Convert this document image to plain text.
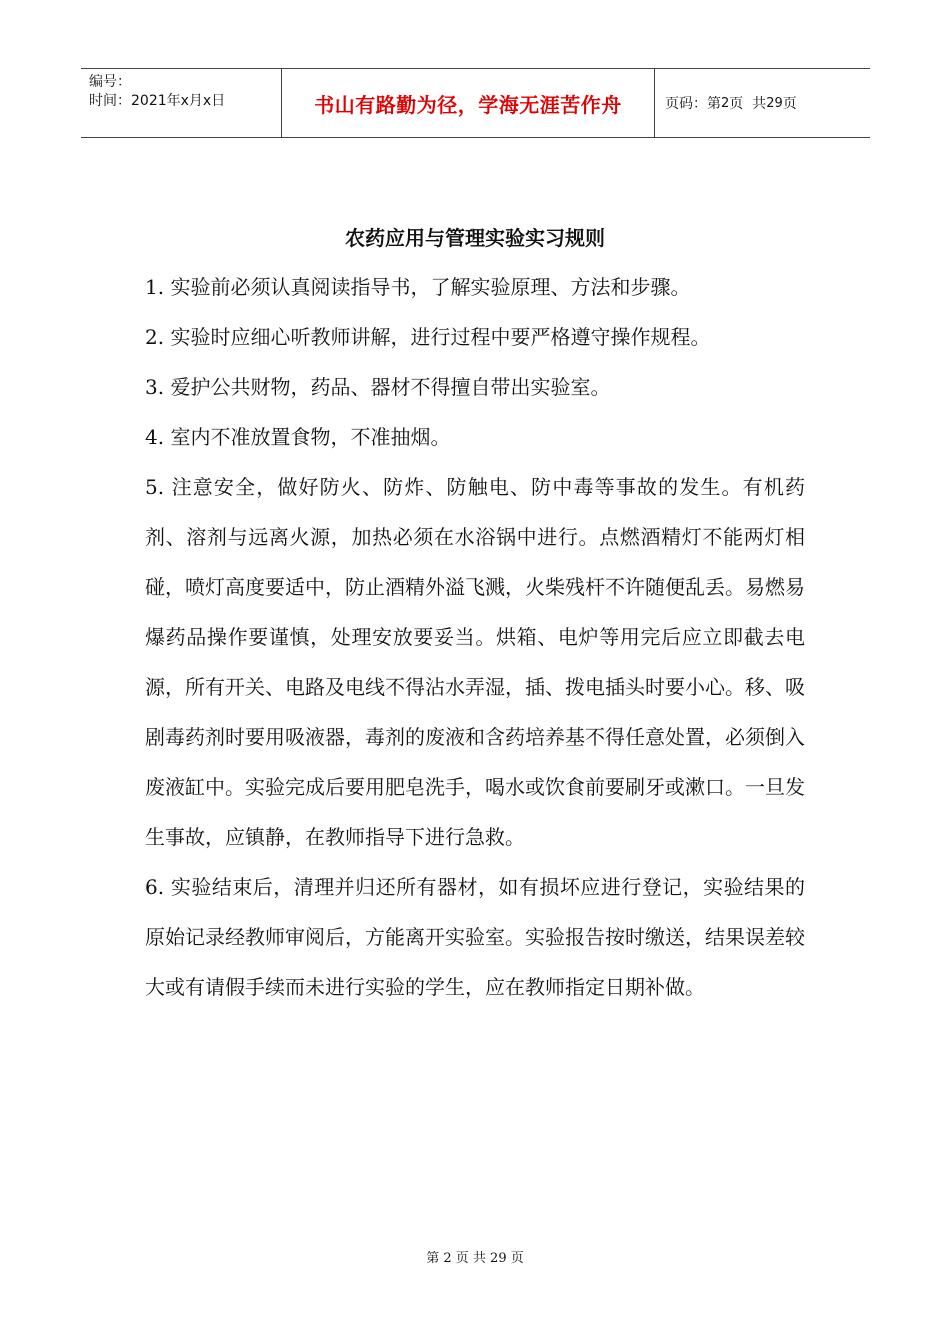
编号：
时间：2021年x月x日	书山有路勤为径，学海无涯苦作舟	页码：第 2 页  共 29 页
农药应用与管理实验实习规则

1. 实验前必须认真阅读指导书，了解实验原理、方法和步骤。

2. 实验时应细心听教师讲解，进行过程中要严格遵守操作规程。

3. 爱护公共财物，药品、器材不得擅自带出实验室。

4. 室内不准放置食物，不准抽烟。

5. 注意安全，做好防火、防炸、防触电、防中毒等事故的发生。有机药剂、溶剂与远离火源，加热必须在水浴锅中进行。点燃酒精灯不能两灯相碰，喷灯高度要适中，防止酒精外溢飞溅，火柴残杆不许随便乱丢。易燃易爆药品操作要谨慎，处理安放要妥当。烘箱、电炉等用完后应立即截去电源，所有开关、电路及电线不得沾水弄湿，插、拨电插头时要小心。移、吸剧毒药剂时要用吸液器，毒剂的废液和含药培养基不得任意处置，必须倒入废液缸中。实验完成后要用肥皂洗手，喝水或饮食前要刷牙或漱口。一旦发生事故，应镇静，在教师指导下进行急救。

6. 实验结束后，清理并归还所有器材，如有损坏应进行登记，实验结果的原始记录经教师审阅后，方能离开实验室。实验报告按时缴送，结果误差较大或有请假手续而未进行实验的学生，应在教师指定日期补做。

第 2 页 共 29 页
